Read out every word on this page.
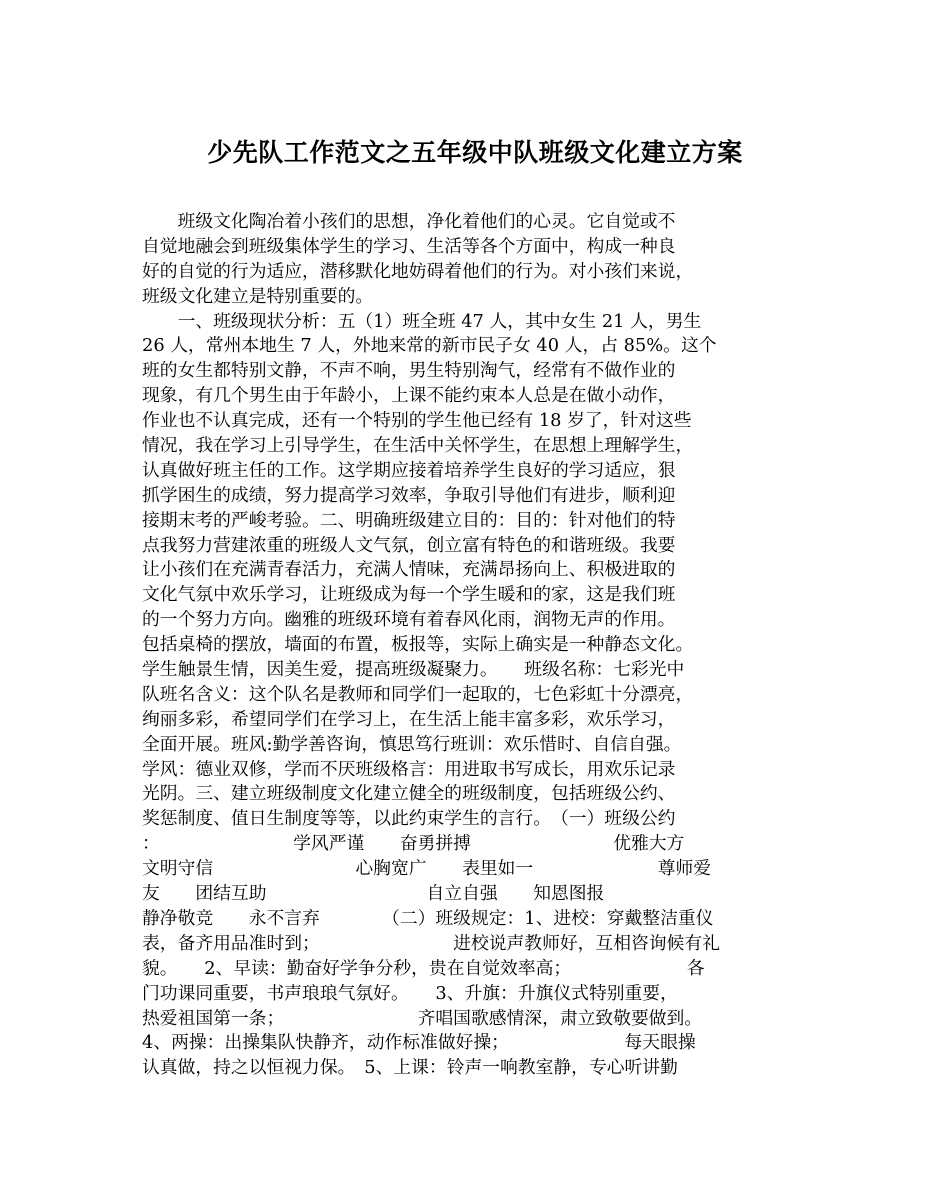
少先队工作范文之五年级中队班级文化建立方案
　　班级文化陶冶着小孩们的思想，净化着他们的心灵。它自觉或不
自觉地融会到班级集体学生的学习、生活等各个方面中，构成一种良
好的自觉的行为适应，潜移默化地妨碍着他们的行为。对小孩们来说，
班级文化建立是特别重要的。
　　一、班级现状分析：五（1）班全班 47 人，其中女生 21 人，男生
26 人，常州本地生 7 人，外地来常的新市民子女 40 人，占 85%。这个
班的女生都特别文静，不声不响，男生特别淘气，经常有不做作业的
现象，有几个男生由于年龄小，上课不能约束本人总是在做小动作，
作业也不认真完成，还有一个特别的学生他已经有 18 岁了，针对这些
情况，我在学习上引导学生，在生活中关怀学生，在思想上理解学生，
认真做好班主任的工作。这学期应接着培养学生良好的学习适应，狠
抓学困生的成绩，努力提高学习效率，争取引导他们有进步，顺利迎
接期末考的严峻考验。二、明确班级建立目的：目的：针对他们的特
点我努力营建浓重的班级人文气氛，创立富有特色的和谐班级。我要
让小孩们在充满青春活力，充满人情味，充满昂扬向上、积极进取的
文化气氛中欢乐学习，让班级成为每一个学生暖和的家，这是我们班
的一个努力方向。幽雅的班级环境有着春风化雨，润物无声的作用。
包括桌椅的摆放，墙面的布置，板报等，实际上确实是一种静态文化。
学生触景生情，因美生爱，提高班级凝聚力。　　班级名称：七彩光中
队班名含义：这个队名是教师和同学们一起取的，七色彩虹十分漂亮，
绚丽多彩，希望同学们在学习上，在生活上能丰富多彩，欢乐学习，
全面开展。班风:勤学善咨询，慎思笃行班训：欢乐惜时、自信自强。
学风：德业双修，学而不厌班级格言：用进取书写成长，用欢乐记录
光阴。三、建立班级制度文化建立健全的班级制度，包括班级公约、
奖惩制度、值日生制度等等，以此约束学生的言行。　（一）班级公约
：　　　　　　　　学风严谨　　奋勇拼搏　　　　　　　　优雅大方
文明守信　　　　　　　　心胸宽广　　表里如一　　　　　　　尊师爱
友　　团结互助　　　　　　　　　自立自强　　知恩图报
静净敬竞　　永不言弃　　　　（二）班级规定：1、进校：穿戴整洁重仪
表，备齐用品准时到；　　　　　　　　进校说声教师好，互相咨询候有礼
貌。　　2、早读：勤奋好学争分秒，贵在自觉效率高；　　　　　　　各
门功课同重要，书声琅琅气氛好。　　3、升旗：升旗仪式特别重要，
热爱祖国第一条；　　　　　　　　齐唱国歌感情深，肃立致敬要做到。
4、两操：出操集队快静齐，动作标准做好操；　　　　　　　每天眼操
认真做，持之以恒视力保。　5、上课：铃声一响教室静，专心听讲勤
